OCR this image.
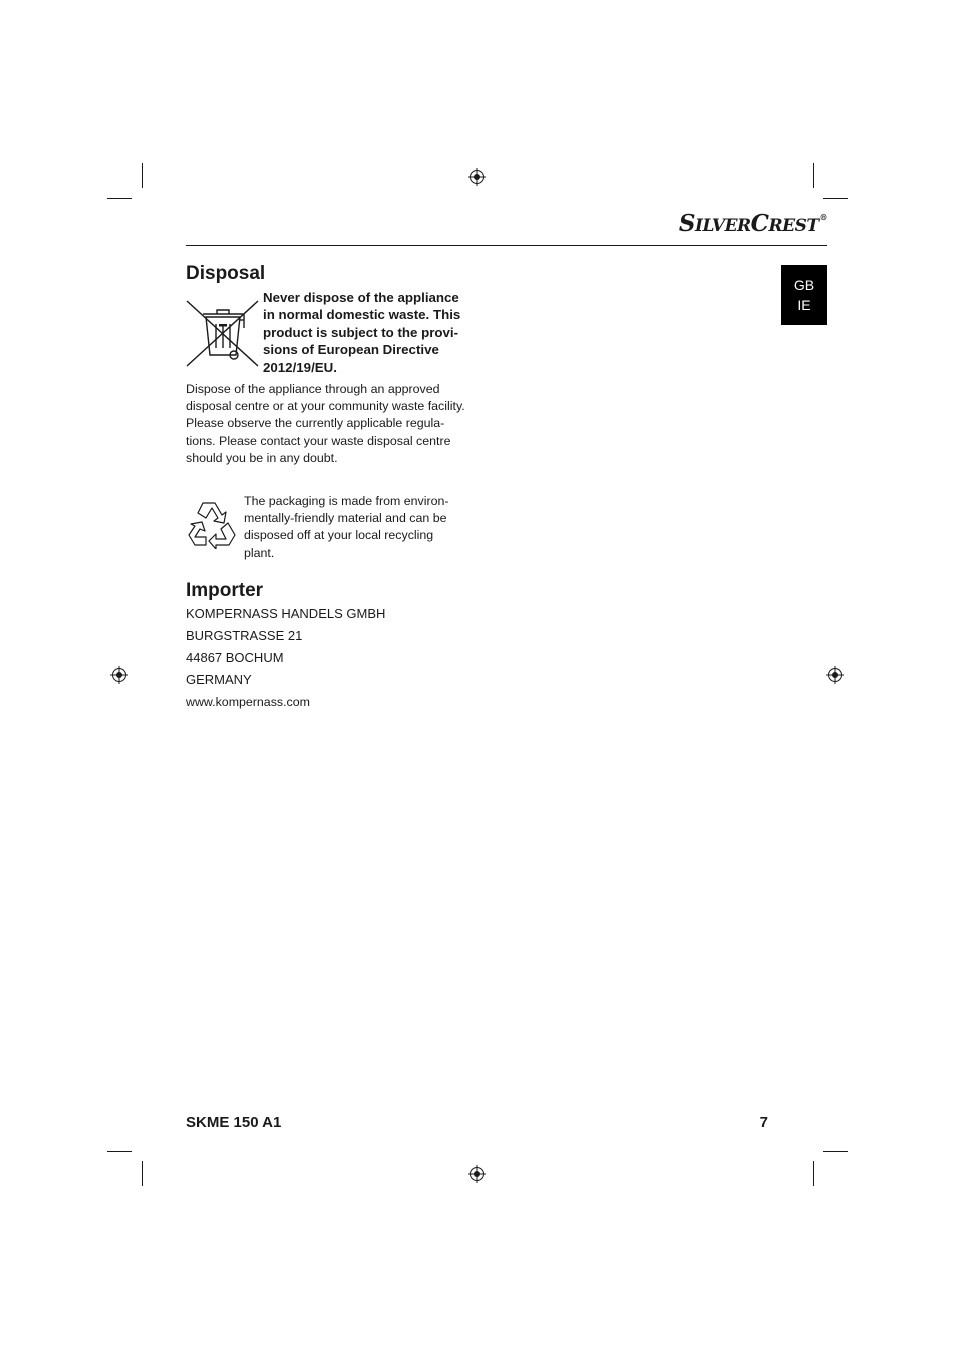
SILVERCREST®
GB
IE
Disposal
Never dispose of the appliance in normal domestic waste. This product is subject to the provi-sions of European Directive 2012/19/EU.
Dispose of the appliance through an approved disposal centre or at your community waste facility. Please observe the currently applicable regula-tions. Please contact your waste disposal centre should you be in any doubt.
The packaging is made from environ-mentally-friendly material and can be disposed off at your local recycling plant.
Importer
KOMPERNASS HANDELS GMBH
BURGSTRASSE 21
44867 BOCHUM
GERMANY
www.kompernass.com
SKME 150 A1	7
